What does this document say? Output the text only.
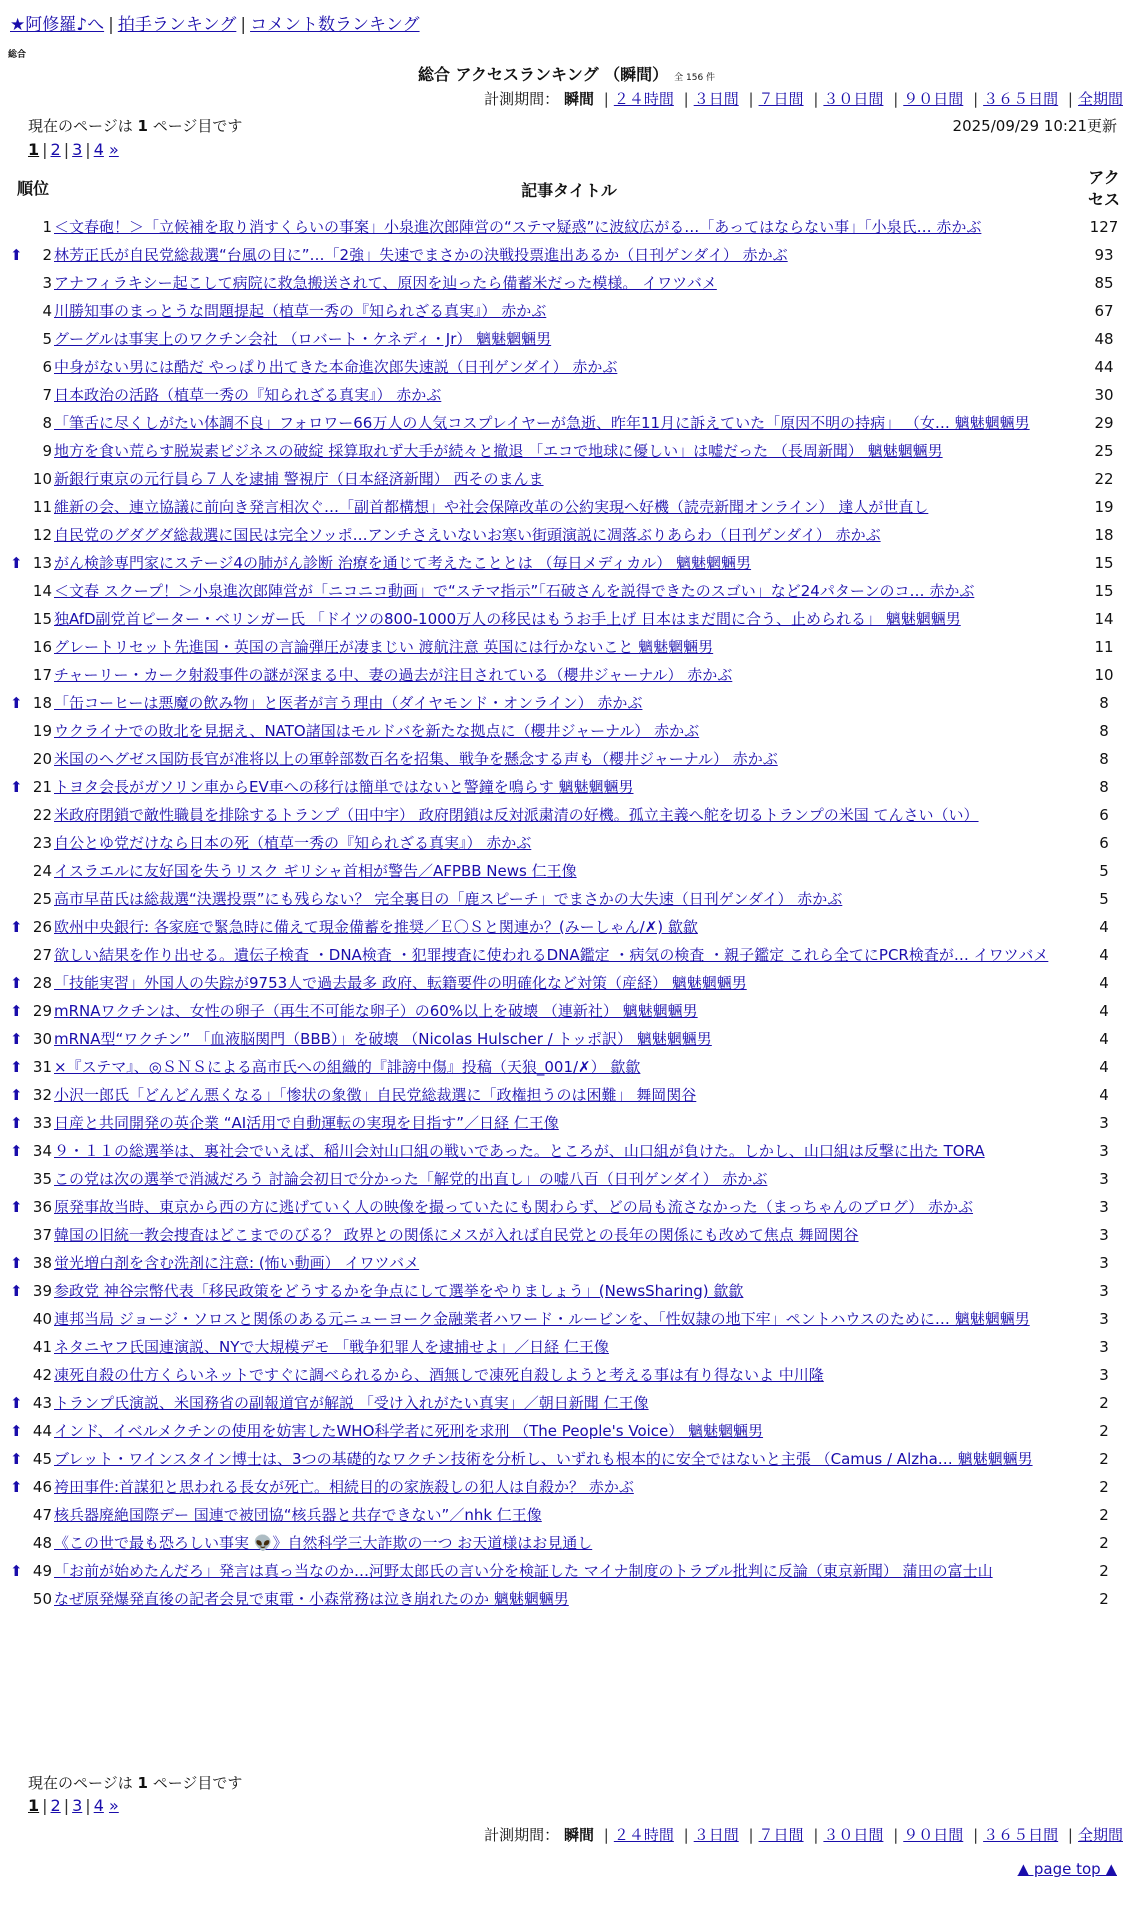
★阿修羅♪へ | 拍手ランキング | コメント数ランキング
総合
総合 アクセスランキング （瞬間） 全 156 件
計測期間： 瞬間 | ２４時間 | ３日間 | ７日間 | ３０日間 | ９０日間 | ３６５日間 | 全期間
現在のページは 1 ページ目です	2025/09/29 10:21更新
1 | 2 | 3 | 4 »
順位	記事タイトル	アクセス
1	＜文春砲！＞「立候補を取り消すくらいの事案」小泉進次郎陣営の“ステマ疑惑”に波紋広がる…「あってはならない事」「小泉氏… 赤かぶ	127

⬆ 2	林芳正氏が自民党総裁選“台風の目に”…「2強」失速でまさかの決戦投票進出あるか（日刊ゲンダイ） 赤かぶ	93
3	アナフィラキシー起こして病院に救急搬送されて、原因を辿ったら備蓄米だった模様。 イワツバメ	85
4	川勝知事のまっとうな問題提起（植草一秀の『知られざる真実』） 赤かぶ	67
5	グーグルは事実上のワクチン会社 （ロバート・ケネディ・Jr） 魑魅魍魎男	48
6	中身がない男には酷だ やっぱり出てきた本命進次郎失速説（日刊ゲンダイ） 赤かぶ	44
7	日本政治の活路（植草一秀の『知られざる真実』） 赤かぶ	30
8	「筆舌に尽くしがたい体調不良」フォロワー66万人の人気コスプレイヤーが急逝、昨年11月に訴えていた「原因不明の持病」 （女… 魑魅魍魎男	29
9	地方を食い荒らす脱炭素ビジネスの破綻 採算取れず大手が続々と撤退 「エコで地球に優しい」は嘘だった （長周新聞） 魑魅魍魎男	25
10	新銀行東京の元行員ら７人を逮捕 警視庁（日本経済新聞） 西そのまんま	22
11	維新の会、連立協議に前向き発言相次ぐ…「副首都構想」や社会保障改革の公約実現へ好機（読売新聞オンライン） 達人が世直し	19
12	自民党のグダグダ総裁選に国民は完全ソッポ…アンチさえいないお寒い街頭演説に凋落ぶりあらわ（日刊ゲンダイ） 赤かぶ	18

⬆ 13	がん検診専門家にステージ4の肺がん診断 治療を通じて考えたこととは （毎日メディカル） 魑魅魍魎男	15
14	＜文春 スクープ！＞小泉進次郎陣営が「ニコニコ動画」で“ステマ指示”「石破さんを説得できたのスゴい」など24パターンのコ… 赤かぶ	15
15	独AfD副党首ピーター・ベリンガー氏 「ドイツの800-1000万人の移民はもうお手上げ 日本はまだ間に合う、止められる」 魑魅魍魎男	14
16	グレートリセット先進国・英国の言論弾圧が凄まじい 渡航注意 英国には行かないこと 魑魅魍魎男	11
17	チャーリー・カーク射殺事件の謎が深まる中、妻の過去が注目されている（櫻井ジャーナル） 赤かぶ	10

⬆ 18	「缶コーヒーは悪魔の飲み物」と医者が言う理由（ダイヤモンド・オンライン） 赤かぶ	8
19	ウクライナでの敗北を見据え、NATO諸国はモルドバを新たな拠点に（櫻井ジャーナル） 赤かぶ	8
20	米国のヘグゼス国防長官が准将以上の軍幹部数百名を招集、戦争を懸念する声も（櫻井ジャーナル） 赤かぶ	8

⬆ 21	トヨタ会長がガソリン車からEV車への移行は簡単ではないと警鐘を鳴らす 魑魅魍魎男	8
22	米政府閉鎖で敵性職員を排除するトランプ（田中宇） 政府閉鎖は反対派粛清の好機。孤立主義へ舵を切るトランプの米国 てんさい（い）	6
23	自公とゆ党だけなら日本の死（植草一秀の『知られざる真実』） 赤かぶ	6
24	イスラエルに友好国を失うリスク ギリシャ首相が警告／AFPBB News 仁王像	5
25	高市早苗氏は総裁選“決選投票”にも残らない？ 完全裏目の「鹿スピーチ」でまさかの大失速（日刊ゲンダイ） 赤かぶ	5

⬆ 26	欧州中央銀行: 各家庭で緊急時に備えて現金備蓄を推奨／Ｅ〇Ｓと関連か？(みーしゃん/✗) 歙歙	4
27	欲しい結果を作り出せる。遺伝子検査 ・DNA検査 ・犯罪捜査に使われるDNA鑑定 ・病気の検査 ・親子鑑定 これら全てにPCR検査が… イワツバメ	4

⬆ 28	「技能実習」外国人の失踪が9753人で過去最多 政府、転籍要件の明確化など対策（産経） 魑魅魍魎男	4

⬆ 29	mRNAワクチンは、女性の卵子（再生不可能な卵子）の60%以上を破壊 （連新社） 魑魅魍魎男	4

⬆ 30	mRNA型“ワクチン” 「血液脳関門（BBB）」を破壊 （Nicolas Hulscher / トッポ訳） 魑魅魍魎男	4

⬆ 31	×『ステマ』、◎ＳＮＳによる高市氏への組織的『誹謗中傷』投稿（天狼_001/✗） 歙歙	4

⬆ 32	小沢一郎氏「どんどん悪くなる」「惨状の象徴」自民党総裁選に「政権担うのは困難」 舞岡関谷	4

⬆ 33	日産と共同開発の英企業 “AI活用で自動運転の実現を目指す”／日経 仁王像	3

⬆ 34	９・１１の総選挙は、裏社会でいえば、稲川会対山口組の戦いであった。ところが、山口組が負けた。しかし、山口組は反撃に出た TORA	3
35	この党は次の選挙で消滅だろう 討論会初日で分かった「解党的出直し」の嘘八百（日刊ゲンダイ） 赤かぶ	3

⬆ 36	原発事故当時、東京から西の方に逃げていく人の映像を撮っていたにも関わらず、どの局も流さなかった（まっちゃんのブログ） 赤かぶ	3
37	韓国の旧統一教会捜査はどこまでのびる？ 政界との関係にメスが入れば自民党との長年の関係にも改めて焦点 舞岡関谷	3

⬆ 38	蛍光増白剤を含む洗剤に注意: (怖い動画） イワツバメ	3

⬆ 39	参政党 神谷宗幣代表「移民政策をどうするかを争点にして選挙をやりましょう」(NewsSharing) 歙歙	3
40	連邦当局 ジョージ・ソロスと関係のある元ニューヨーク金融業者ハワード・ルービンを、「性奴隷の地下牢」ペントハウスのために… 魑魅魍魎男	3
41	ネタニヤフ氏国連演説、NYで大規模デモ 「戦争犯罪人を逮捕せよ」／日経 仁王像	3
42	凍死自殺の仕方くらいネットですぐに調べられるから、酒無しで凍死自殺しようと考える事は有り得ないよ 中川隆	3

⬆ 43	トランプ氏演説、米国務省の副報道官が解説 「受け入れがたい真実」／朝日新聞 仁王像	2

⬆ 44	インド、イベルメクチンの使用を妨害したWHO科学者に死刑を求刑 （The People's Voice） 魑魅魍魎男	2

⬆ 45	ブレット・ワインスタイン博士は、3つの基礎的なワクチン技術を分析し、いずれも根本的に安全ではないと主張 （Camus / Alzha… 魑魅魍魎男	2

⬆ 46	袴田事件:首謀犯と思われる長女が死亡。相続目的の家族殺しの犯人は自殺か？ 赤かぶ	2
47	核兵器廃絶国際デー 国連で被団協“核兵器と共存できない”／nhk 仁王像	2
48	《この世で最も恐ろしい事実 👽》自然科学三大詐欺の一つ お天道様はお見通し	2

⬆ 49	「お前が始めたんだろ」発言は真っ当なのか…河野太郎氏の言い分を検証した マイナ制度のトラブル批判に反論（東京新聞） 蒲田の富士山	2
50	なぜ原発爆発直後の記者会見で東電・小森常務は泣き崩れたのか 魑魅魍魎男	2
現在のページは 1 ページ目です
1 | 2 | 3 | 4 »
計測期間： 瞬間 | ２４時間 | ３日間 | ７日間 | ３０日間 | ９０日間 | ３６５日間 | 全期間
▲ page top ▲
